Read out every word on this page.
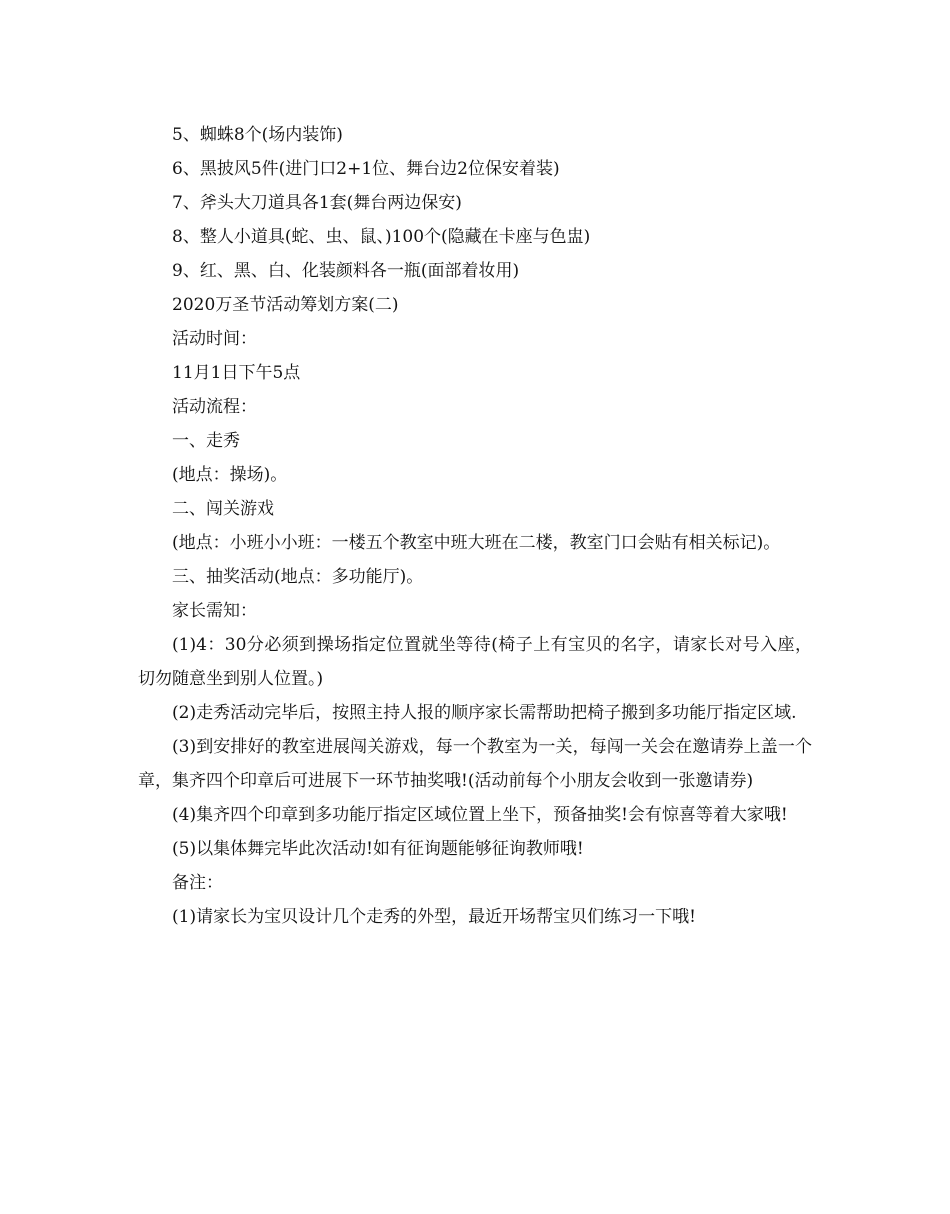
5、蜘蛛8个(场内装饰)

6、黑披风5件(进门口2+1位、舞台边2位保安着装)

7、斧头大刀道具各1套(舞台两边保安)

8、整人小道具(蛇、虫、鼠、)100个(隐藏在卡座与色盅)

9、红、黑、白、化装颜料各一瓶(面部着妆用)

2020万圣节活动筹划方案(二)

活动时间：

11月1日下午5点

活动流程：

一、走秀

(地点：操场)。

二、闯关游戏

(地点：小班小小班：一楼五个教室中班大班在二楼，教室门口会贴有相关标记)。

三、抽奖活动(地点：多功能厅)。

家长需知：

(1)4：30分必须到操场指定位置就坐等待(椅子上有宝贝的名字，请家长对号入座，切勿随意坐到别人位置。)

(2)走秀活动完毕后，按照主持人报的顺序家长需帮助把椅子搬到多功能厅指定区域.

(3)到安排好的教室进展闯关游戏，每一个教室为一关，每闯一关会在邀请券上盖一个章，集齐四个印章后可进展下一环节抽奖哦!(活动前每个小朋友会收到一张邀请券)

(4)集齐四个印章到多功能厅指定区域位置上坐下，预备抽奖!会有惊喜等着大家哦!

(5)以集体舞完毕此次活动!如有征询题能够征询教师哦!

备注：

(1)请家长为宝贝设计几个走秀的外型，最近开场帮宝贝们练习一下哦!
